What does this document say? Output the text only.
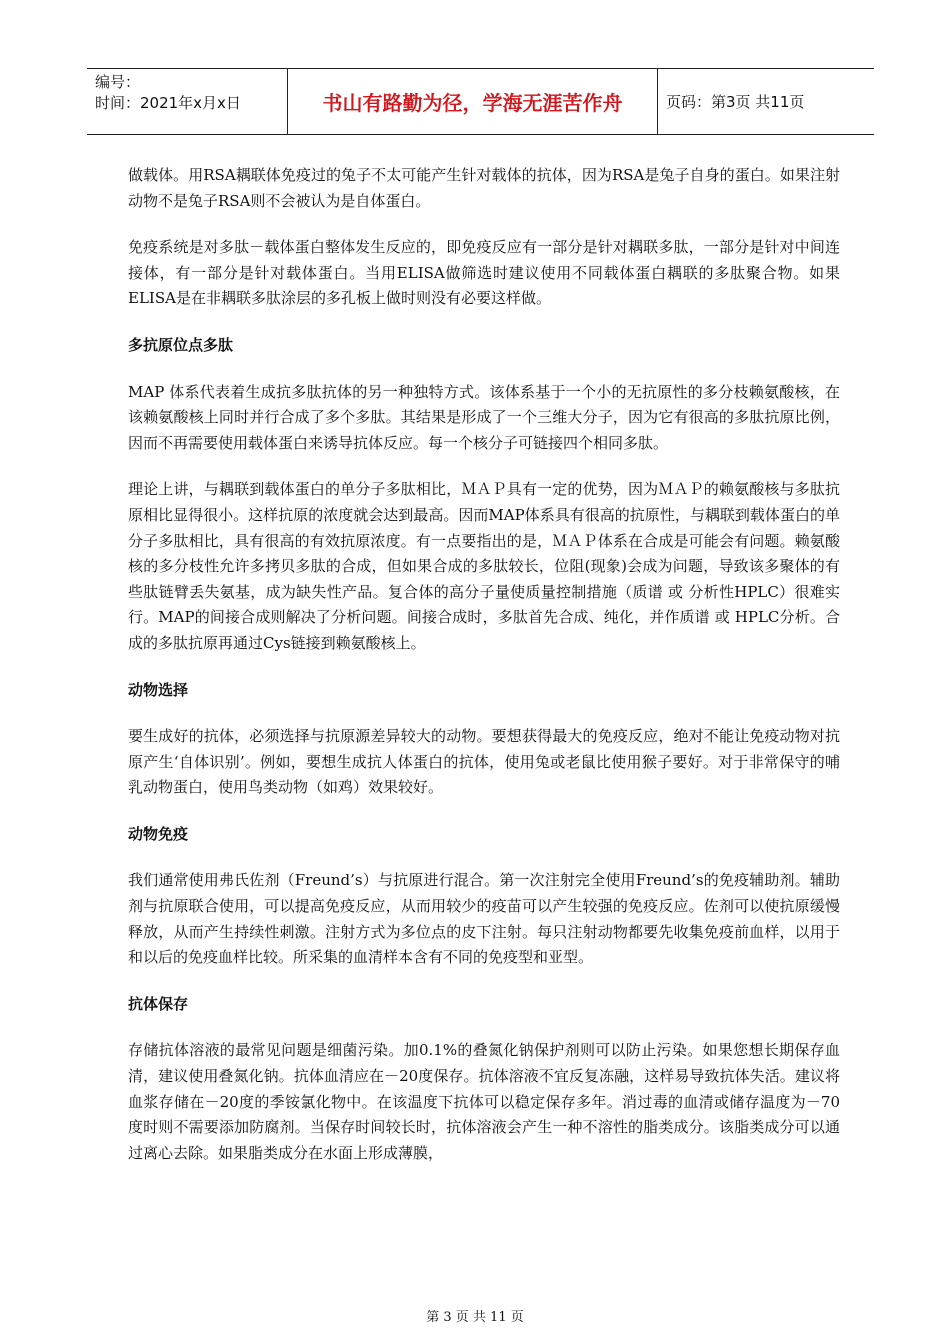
编号：
时间：2021年x月x日	书山有路勤为径，学海无涯苦作舟	页码：第3页 共11页

做载体。用RSA耦联体免疫过的兔子不太可能产生针对载体的抗体，因为RSA是兔子自身的蛋白。如果注射动物不是兔子RSA则不会被认为是自体蛋白。

免疫系统是对多肽－载体蛋白整体发生反应的，即免疫反应有一部分是针对耦联多肽，一部分是针对中间连接体，有一部分是针对载体蛋白。当用ELISA做筛选时建议使用不同载体蛋白耦联的多肽聚合物。如果ELISA是在非耦联多肽涂层的多孔板上做时则没有必要这样做。

多抗原位点多肽

MAP 体系代表着生成抗多肽抗体的另一种独特方式。该体系基于一个小的无抗原性的多分枝赖氨酸核，在该赖氨酸核上同时并行合成了多个多肽。其结果是形成了一个三维大分子，因为它有很高的多肽抗原比例，因而不再需要使用载体蛋白来诱导抗体反应。每一个核分子可链接四个相同多肽。

理论上讲，与耦联到载体蛋白的单分子多肽相比，ＭＡＰ具有一定的优势，因为ＭＡＰ的赖氨酸核与多肽抗原相比显得很小。这样抗原的浓度就会达到最高。因而MAP体系具有很高的抗原性，与耦联到载体蛋白的单分子多肽相比，具有很高的有效抗原浓度。有一点要指出的是，ＭＡＰ体系在合成是可能会有问题。赖氨酸核的多分枝性允许多拷贝多肽的合成，但如果合成的多肽较长，位阻(现象)会成为问题，导致该多聚体的有些肽链臂丢失氨基，成为缺失性产品。复合体的高分子量使质量控制措施（质谱 或 分析性HPLC）很难实行。MAP的间接合成则解决了分析问题。间接合成时，多肽首先合成、纯化，并作质谱 或 HPLC分析。合成的多肽抗原再通过Cys链接到赖氨酸核上。

动物选择

要生成好的抗体，必须选择与抗原源差异较大的动物。要想获得最大的免疫反应，绝对不能让免疫动物对抗原产生‘自体识别’。例如，要想生成抗人体蛋白的抗体，使用兔或老鼠比使用猴子要好。对于非常保守的哺乳动物蛋白，使用鸟类动物（如鸡）效果较好。

动物免疫

我们通常使用弗氏佐剂（Freund’s）与抗原进行混合。第一次注射完全使用Freund’s的免疫辅助剂。辅助剂与抗原联合使用，可以提高免疫反应，从而用较少的疫苗可以产生较强的免疫反应。佐剂可以使抗原缓慢释放，从而产生持续性刺激。注射方式为多位点的皮下注射。每只注射动物都要先收集免疫前血样，以用于和以后的免疫血样比较。所采集的血清样本含有不同的免疫型和亚型。

抗体保存

存储抗体溶液的最常见问题是细菌污染。加0.1%的叠氮化钠保护剂则可以防止污染。如果您想长期保存血清，建议使用叠氮化钠。抗体血清应在－20度保存。抗体溶液不宜反复冻融，这样易导致抗体失活。建议将血浆存储在－20度的季铵氯化物中。在该温度下抗体可以稳定保存多年。消过毒的血清或储存温度为－70度时则不需要添加防腐剂。当保存时间较长时，抗体溶液会产生一种不溶性的脂类成分。该脂类成分可以通过离心去除。如果脂类成分在水面上形成薄膜，

第 3 页 共 11 页
